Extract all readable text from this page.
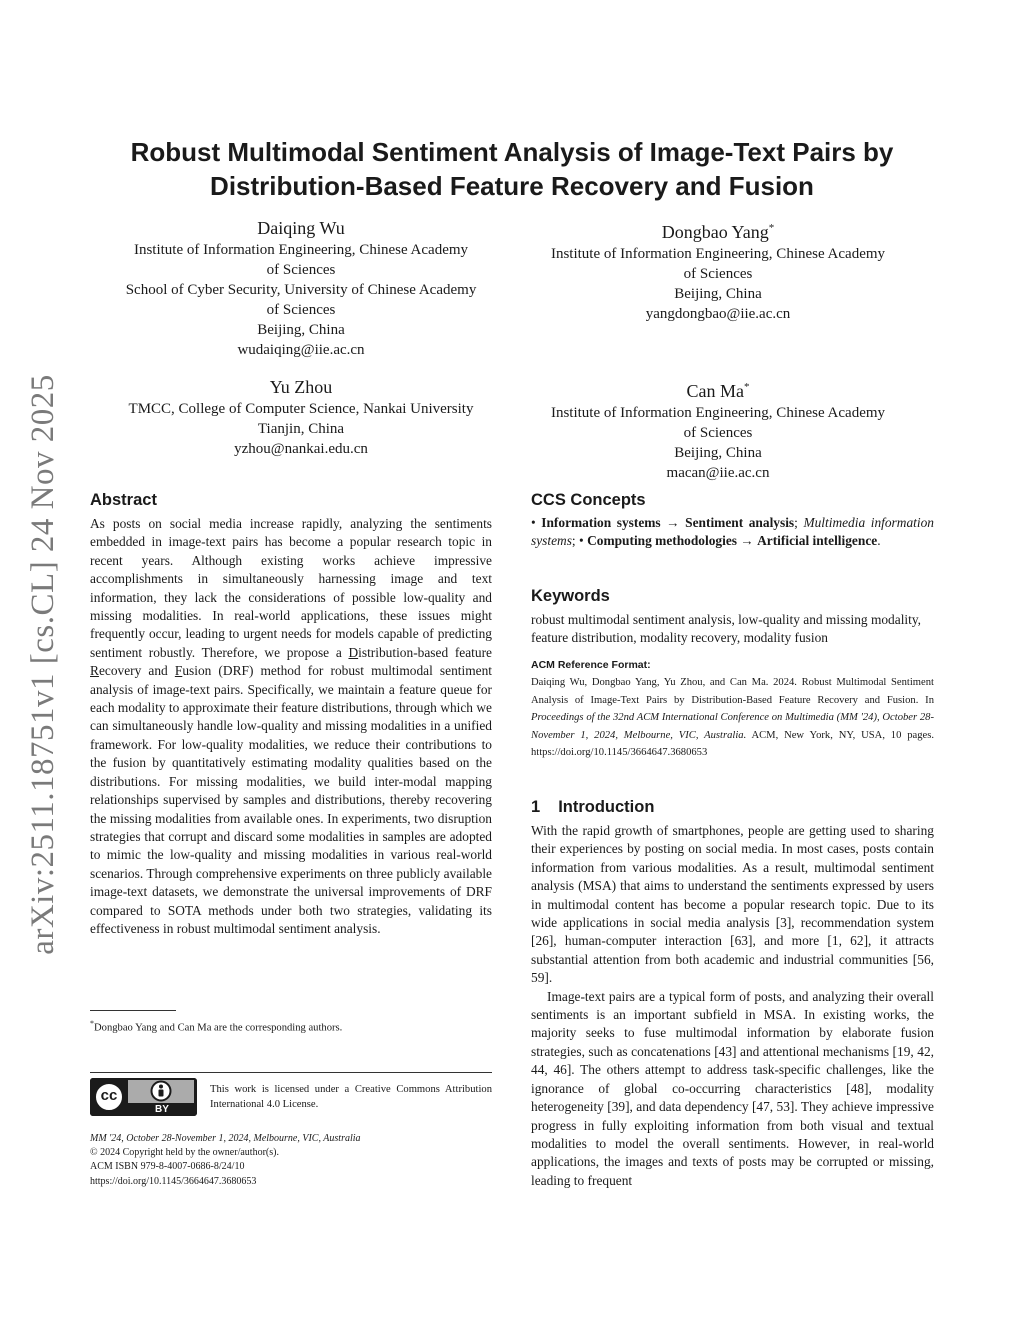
arXiv:2511.18751v1 [cs.CL] 24 Nov 2025
Robust Multimodal Sentiment Analysis of Image-Text Pairs by
Distribution-Based Feature Recovery and Fusion
Daiqing Wu
Institute of Information Engineering, Chinese Academy
of Sciences
School of Cyber Security, University of Chinese Academy
of Sciences
Beijing, China
wudaiqing@iie.ac.cn
Dongbao Yang*
Institute of Information Engineering, Chinese Academy
of Sciences
Beijing, China
yangdongbao@iie.ac.cn
Yu Zhou
TMCC, College of Computer Science, Nankai University
Tianjin, China
yzhou@nankai.edu.cn
Can Ma*
Institute of Information Engineering, Chinese Academy
of Sciences
Beijing, China
macan@iie.ac.cn
Abstract

As posts on social media increase rapidly, analyzing the sentiments embedded in image-text pairs has become a popular research topic in recent years. Although existing works achieve impressive accomplishments in simultaneously harnessing image and text information, they lack the considerations of possible low-quality and missing modalities. In real-world applications, these issues might frequently occur, leading to urgent needs for models capable of predicting sentiment robustly. Therefore, we propose a Distribution-based feature Recovery and Fusion (DRF) method for robust multimodal sentiment analysis of image-text pairs. Specifically, we maintain a feature queue for each modality to approximate their feature distributions, through which we can simultaneously handle low-quality and missing modalities in a unified framework. For low-quality modalities, we reduce their contributions to the fusion by quantitatively estimating modality qualities based on the distributions. For missing modalities, we build inter-modal mapping relationships supervised by samples and distributions, thereby recovering the missing modalities from available ones. In experiments, two disruption strategies that corrupt and discard some modalities in samples are adopted to mimic the low-quality and missing modalities in various real-world scenarios. Through comprehensive experiments on three publicly available image-text datasets, we demonstrate the universal improvements of DRF compared to SOTA methods under both two strategies, validating its effectiveness in robust multimodal sentiment analysis.

*Dongbao Yang and Can Ma are the corresponding authors.

cc
BY

This work is licensed under a Creative Commons Attribution International 4.0 License.

MM '24, October 28-November 1, 2024, Melbourne, VIC, Australia
© 2024 Copyright held by the owner/author(s).
ACM ISBN 979-8-4007-0686-8/24/10
https://doi.org/10.1145/3664647.3680653
CCS Concepts

• Information systems → Sentiment analysis; Multimedia information systems; • Computing methodologies → Artificial intelligence.

Keywords

robust multimodal sentiment analysis, low-quality and missing modality, feature distribution, modality recovery, modality fusion

ACM Reference Format:
Daiqing Wu, Dongbao Yang, Yu Zhou, and Can Ma. 2024. Robust Multimodal Sentiment Analysis of Image-Text Pairs by Distribution-Based Feature Recovery and Fusion. In Proceedings of the 32nd ACM International Conference on Multimedia (MM '24), October 28-November 1, 2024, Melbourne, VIC, Australia. ACM, New York, NY, USA, 10 pages. https://doi.org/10.1145/3664647.3680653
1 Introduction

With the rapid growth of smartphones, people are getting used to sharing their experiences by posting on social media. In most cases, posts contain information from various modalities. As a result, multimodal sentiment analysis (MSA) that aims to understand the sentiments expressed by users in multimodal content has become a popular research topic. Due to its wide applications in social media analysis [3], recommendation system [26], human-computer interaction [63], and more [1, 62], it attracts substantial attention from both academic and industrial communities [56, 59].

Image-text pairs are a typical form of posts, and analyzing their overall sentiments is an important subfield in MSA. In existing works, the majority seeks to fuse multimodal information by elaborate fusion strategies, such as concatenations [43] and attentional mechanisms [19, 42, 44, 46]. The others attempt to address task-specific challenges, like the ignorance of global co-occurring characteristics [48], modality heterogeneity [39], and data dependency [47, 53]. They achieve impressive progress in fully exploiting information from both visual and textual modalities to model the overall sentiments. However, in real-world applications, the images and texts of posts may be corrupted or missing, leading to frequent
